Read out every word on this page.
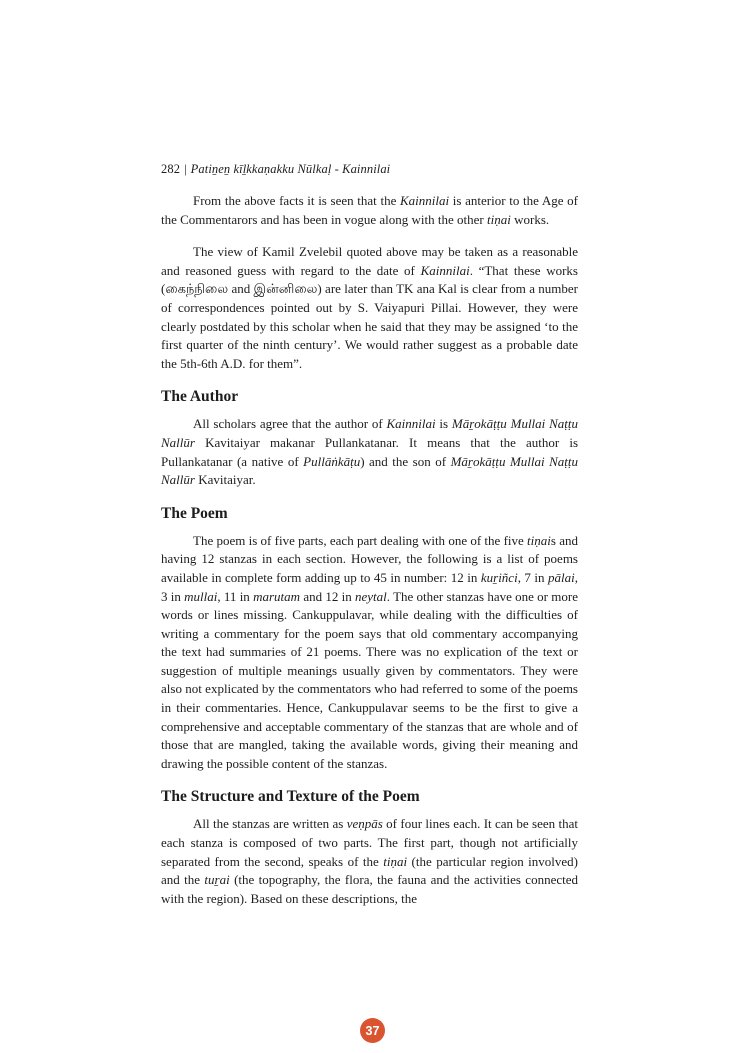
282 | Patiṉeṉ kīḻkkaṇakku Nūlkaḷ - Kainnilai

From the above facts it is seen that the Kainnilai is anterior to the Age of the Commentarors and has been in vogue along with the other tiṇai works.

The view of Kamil Zvelebil quoted above may be taken as a reasonable and reasoned guess with regard to the date of Kainnilai. “That these works (கைந்நிலை and இன்னிலை) are later than TK ana Kal is clear from a number of correspondences pointed out by S. Vaiyapuri Pillai. However, they were clearly postdated by this scholar when he said that they may be assigned ‘to the first quarter of the ninth century’. We would rather suggest as a probable date the 5th-6th A.D. for them”.

The Author

All scholars agree that the author of Kainnilai is Māṟokāṭṭu Mullai Naṭṭu Nallūr Kavitaiyar makanar Pullankatanar. It means that the author is Pullankatanar (a native of Pullāṅkāṭu) and the son of Māṟokāṭṭu Mullai Naṭṭu Nallūr Kavitaiyar.

The Poem

The poem is of five parts, each part dealing with one of the five tiṇais and having 12 stanzas in each section. However, the following is a list of poems available in complete form adding up to 45 in number: 12 in kuṟiñci, 7 in pālai, 3 in mullai, 11 in marutam and 12 in neytal. The other stanzas have one or more words or lines missing. Cankuppulavar, while dealing with the difficulties of writing a commentary for the poem says that old commentary accompanying the text had summaries of 21 poems. There was no explication of the text or suggestion of multiple meanings usually given by commentators. They were also not explicated by the commentators who had referred to some of the poems in their commentaries. Hence, Cankuppulavar seems to be the first to give a comprehensive and acceptable commentary of the stanzas that are whole and of those that are mangled, taking the available words, giving their meaning and drawing the possible content of the stanzas.

The Structure and Texture of the Poem

All the stanzas are written as veṇpās of four lines each. It can be seen that each stanza is composed of two parts. The first part, though not artificially separated from the second, speaks of the tiṇai (the particular region involved) and the tuṟai (the topography, the flora, the fauna and the activities connected with the region). Based on these descriptions, the

37
